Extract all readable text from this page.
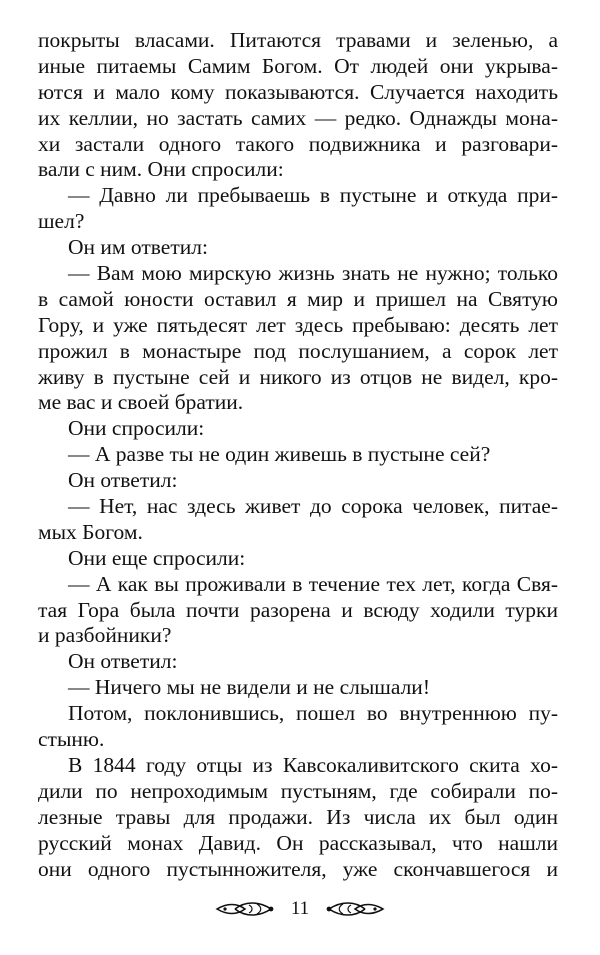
покрыты власами. Питаются травами и зеленью, а
иные питаемы Самим Богом. От людей они укрыва-
ются и мало кому показываются. Случается находить
их келлии, но застать самих — редко. Однажды мона-
хи застали одного такого подвижника и разговари-
вали с ним. Они спросили:
— Давно ли пребываешь в пустыне и откуда при-
шел?
Он им ответил:
— Вам мою мирскую жизнь знать не нужно; только
в самой юности оставил я мир и пришел на Святую
Гору, и уже пятьдесят лет здесь пребываю: десять лет
прожил в монастыре под послушанием, а сорок лет
живу в пустыне сей и никого из отцов не видел, кро-
ме вас и своей братии.
Они спросили:
— А разве ты не один живешь в пустыне сей?
Он ответил:
— Нет, нас здесь живет до сорока человек, питае-
мых Богом.
Они еще спросили:
— А как вы проживали в течение тех лет, когда Свя-
тая Гора была почти разорена и всюду ходили турки
и разбойники?
Он ответил:
— Ничего мы не видели и не слышали!
Потом, поклонившись, пошел во внутреннюю пу-
стыню.
В 1844 году отцы из Кавсокаливитского скита хо-
дили по непроходимым пустыням, где собирали по-
лезные травы для продажи. Из числа их был один
русский монах Давид. Он рассказывал, что нашли
они одного пустынножителя, уже скончавшегося и
11
